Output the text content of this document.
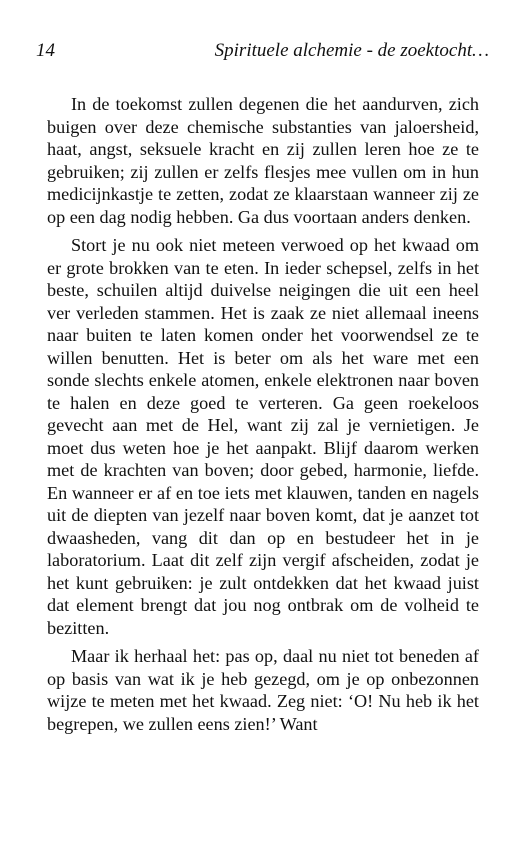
14	Spirituele alchemie - de zoektocht…

In de toekomst zullen degenen die het aandurven, zich buigen over deze chemische substanties van jaloersheid, haat, angst, seksuele kracht en zij zullen leren hoe ze te gebruiken; zij zullen er zelfs flesjes mee vullen om in hun medicijnkastje te zetten, zodat ze klaarstaan wanneer zij ze op een dag nodig hebben. Ga dus voortaan anders denken.

Stort je nu ook niet meteen verwoed op het kwaad om er grote brokken van te eten. In ieder schepsel, zelfs in het beste, schuilen altijd duivelse neigingen die uit een heel ver verleden stammen. Het is zaak ze niet allemaal ineens naar buiten te laten komen onder het voorwendsel ze te willen benutten. Het is beter om als het ware met een sonde slechts enkele atomen, enkele elektronen naar boven te halen en deze goed te verteren. Ga geen roekeloos gevecht aan met de Hel, want zij zal je vernietigen. Je moet dus weten hoe je het aanpakt. Blijf daarom werken met de krachten van boven; door gebed, harmonie, liefde. En wanneer er af en toe iets met klauwen, tanden en nagels uit de diepten van jezelf naar boven komt, dat je aanzet tot dwaasheden, vang dit dan op en bestudeer het in je laboratorium. Laat dit zelf zijn vergif afscheiden, zodat je het kunt gebruiken: je zult ontdekken dat het kwaad juist dat element brengt dat jou nog ontbrak om de volheid te bezitten.

Maar ik herhaal het: pas op, daal nu niet tot beneden af op basis van wat ik je heb gezegd, om je op onbezonnen wijze te meten met het kwaad. Zeg niet: ‘O! Nu heb ik het begrepen, we zullen eens zien!’ Want
